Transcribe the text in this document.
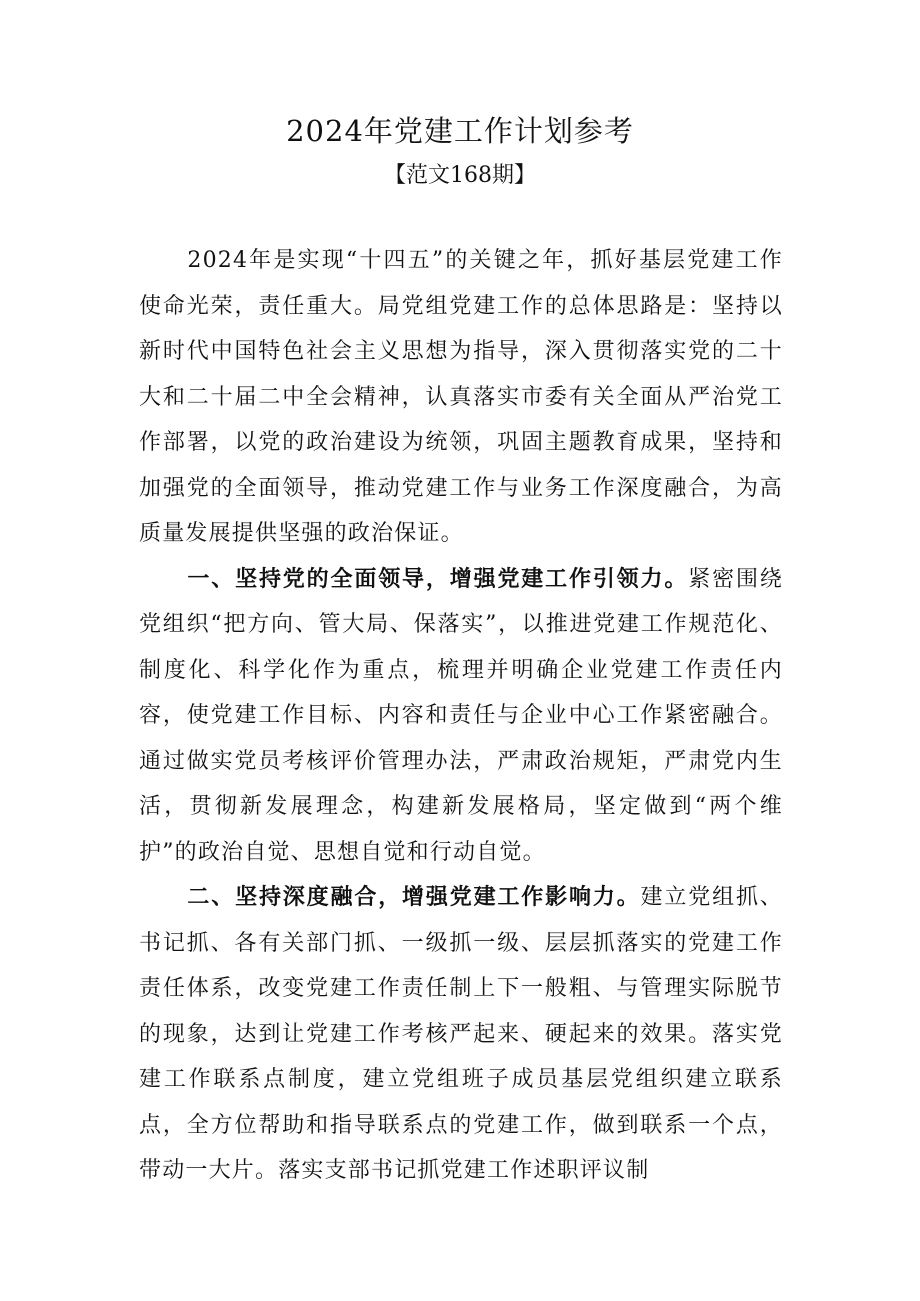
2024年党建工作计划参考
【范文168期】

2024年是实现“十四五”的关键之年，抓好基层党建工作使命光荣，责任重大。局党组党建工作的总体思路是：坚持以新时代中国特色社会主义思想为指导，深入贯彻落实党的二十大和二十届二中全会精神，认真落实市委有关全面从严治党工作部署，以党的政治建设为统领，巩固主题教育成果，坚持和加强党的全面领导，推动党建工作与业务工作深度融合，为高质量发展提供坚强的政治保证。

一、坚持党的全面领导，增强党建工作引领力。紧密围绕党组织“把方向、管大局、保落实”，以推进党建工作规范化、制度化、科学化作为重点，梳理并明确企业党建工作责任内容，使党建工作目标、内容和责任与企业中心工作紧密融合。通过做实党员考核评价管理办法，严肃政治规矩，严肃党内生活，贯彻新发展理念，构建新发展格局，坚定做到“两个维护”的政治自觉、思想自觉和行动自觉。

二、坚持深度融合，增强党建工作影响力。建立党组抓、书记抓、各有关部门抓、一级抓一级、层层抓落实的党建工作责任体系，改变党建工作责任制上下一般粗、与管理实际脱节的现象，达到让党建工作考核严起来、硬起来的效果。落实党建工作联系点制度，建立党组班子成员基层党组织建立联系点，全方位帮助和指导联系点的党建工作，做到联系一个点，带动一大片。落实支部书记抓党建工作述职评议制
